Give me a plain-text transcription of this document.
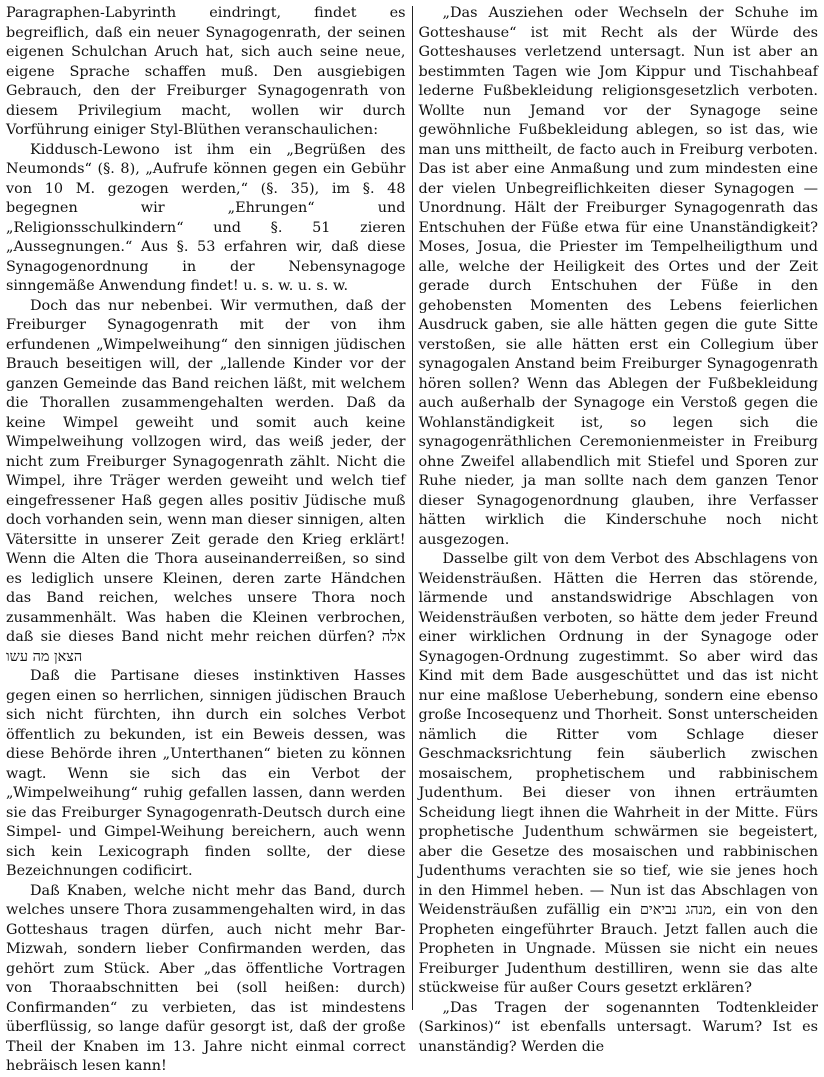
Paragraphen-Labyrinth eindringt, findet es begreiflich, daß ein neuer Synagogenrath, der seinen eigenen Schulchan Aruch hat, sich auch seine neue, eigene Sprache schaffen muß. Den ausgiebigen Gebrauch, den der Freiburger Synagogenrath von diesem Privilegium macht, wollen wir durch Vorführung einiger Styl-Blüthen veranschaulichen:

Kiddusch-Lewono ist ihm ein „Begrüßen des Neumonds“ (§. 8), „Aufrufe können gegen ein Gebühr von 10 M. gezogen werden,“ (§. 35), im §. 48 begegnen wir „Ehrungen“ und „Religionsschulkindern“ und §. 51 zieren „Aussegnungen.“ Aus §. 53 erfahren wir, daß diese Synagogenordnung in der Nebensynagoge sinngemäße Anwendung findet! u. s. w. u. s. w.

Doch das nur nebenbei. Wir vermuthen, daß der Freiburger Synagogenrath mit der von ihm erfundenen „Wimpelweihung“ den sinnigen jüdischen Brauch beseitigen will, der „lallende Kinder vor der ganzen Gemeinde das Band reichen läßt, mit welchem die Thorallen zusammengehalten werden. Daß da keine Wimpel geweiht und somit auch keine Wimpelweihung vollzogen wird, das weiß jeder, der nicht zum Freiburger Synagogenrath zählt. Nicht die Wimpel, ihre Träger werden geweiht und welch tief eingefressener Haß gegen alles positiv Jüdische muß doch vorhanden sein, wenn man dieser sinnigen, alten Vätersitte in unserer Zeit gerade den Krieg erklärt! Wenn die Alten die Thora auseinanderreißen, so sind es lediglich unsere Kleinen, deren zarte Händchen das Band reichen, welches unsere Thora noch zusammenhält. Was haben die Kleinen verbrochen, daß sie dieses Band nicht mehr reichen dürfen? אלה הצאן מה עשו

Daß die Partisane dieses instinktiven Hasses gegen einen so herrlichen, sinnigen jüdischen Brauch sich nicht fürchten, ihn durch ein solches Verbot öffentlich zu bekunden, ist ein Beweis dessen, was diese Behörde ihren „Unterthanen“ bieten zu können wagt. Wenn sie sich das ein Verbot der „Wimpelweihung“ ruhig gefallen lassen, dann werden sie das Freiburger Synagogenrath-Deutsch durch eine Simpel- und Gimpel-Weihung bereichern, auch wenn sich kein Lexicograph finden sollte, der diese Bezeichnungen codificirt.

Daß Knaben, welche nicht mehr das Band, durch welches unsere Thora zusammengehalten wird, in das Gotteshaus tragen dürfen, auch nicht mehr Bar-Mizwah, sondern lieber Confirmanden werden, das gehört zum Stück. Aber „das öffentliche Vortragen von Thoraabschnitten bei (soll heißen: durch) Confirmanden“ zu verbieten, das ist mindestens überflüssig, so lange dafür gesorgt ist, daß der große Theil der Knaben im 13. Jahre nicht einmal correct hebräisch lesen kann!

„Das Ausziehen oder Wechseln der Schuhe im Gotteshause“ ist mit Recht als der Würde des Gotteshauses verletzend untersagt. Nun ist aber an bestimmten Tagen wie Jom Kippur und Tischahbeaf lederne Fußbekleidung religionsgesetzlich verboten. Wollte nun Jemand vor der Synagoge seine gewöhnliche Fußbekleidung ablegen, so ist das, wie man uns mittheilt, de facto auch in Freiburg verboten. Das ist aber eine Anmaßung und zum mindesten eine der vielen Unbegreiflichkeiten dieser Synagogen — Unordnung. Hält der Freiburger Synagogenrath das Entschuhen der Füße etwa für eine Unanständigkeit? Moses, Josua, die Priester im Tempelheiligthum und alle, welche der Heiligkeit des Ortes und der Zeit gerade durch Entschuhen der Füße in den gehobensten Momenten des Lebens feierlichen Ausdruck gaben, sie alle hätten gegen die gute Sitte verstoßen, sie alle hätten erst ein Collegium über synagogalen Anstand beim Freiburger Synagogenrath hören sollen? Wenn das Ablegen der Fußbekleidung auch außerhalb der Synagoge ein Verstoß gegen die Wohlanständigkeit ist, so legen sich die synagogenräthlichen Ceremonienmeister in Freiburg ohne Zweifel allabendlich mit Stiefel und Sporen zur Ruhe nieder, ja man sollte nach dem ganzen Tenor dieser Synagogenordnung glauben, ihre Verfasser hätten wirklich die Kinderschuhe noch nicht ausgezogen.

Dasselbe gilt von dem Verbot des Abschlagens von Weidensträußen. Hätten die Herren das störende, lärmende und anstandswidrige Abschlagen von Weidensträußen verboten, so hätte dem jeder Freund einer wirklichen Ordnung in der Synagoge oder Synagogen-Ordnung zugestimmt. So aber wird das Kind mit dem Bade ausgeschüttet und das ist nicht nur eine maßlose Ueberhebung, sondern eine ebenso große Incosequenz und Thorheit. Sonst unterscheiden nämlich die Ritter vom Schlage dieser Geschmacksrichtung fein säuberlich zwischen mosaischem, prophetischem und rabbinischem Judenthum. Bei dieser von ihnen erträumten Scheidung liegt ihnen die Wahrheit in der Mitte. Fürs prophetische Judenthum schwärmen sie begeistert, aber die Gesetze des mosaischen und rabbinischen Judenthums verachten sie so tief, wie sie jenes hoch in den Himmel heben. — Nun ist das Abschlagen von Weidensträußen zufällig ein מנהג נביאים, ein von den Propheten eingeführter Brauch. Jetzt fallen auch die Propheten in Ungnade. Müssen sie nicht ein neues Freiburger Judenthum destilliren, wenn sie das alte stückweise für außer Cours gesetzt erklären?

„Das Tragen der sogenannten Todtenkleider (Sarkinos)“ ist ebenfalls untersagt. Warum? Ist es unanständig? Werden die
